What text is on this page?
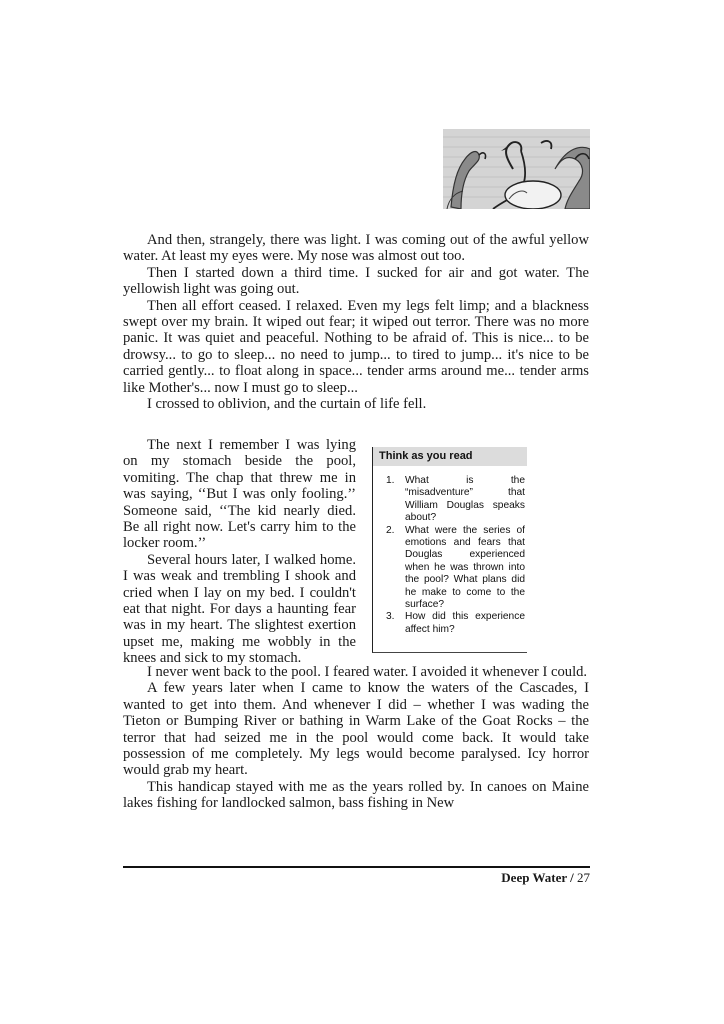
And then, strangely, there was light. I was coming out of the awful yellow water. At least my eyes were. My nose was almost out too.

Then I started down a third time. I sucked for air and got water. The yellowish light was going out.

Then all effort ceased. I relaxed. Even my legs felt limp; and a blackness swept over my brain. It wiped out fear; it wiped out terror. There was no more panic. It was quiet and peaceful. Nothing to be afraid of. This is nice... to be drowsy... to go to sleep... no need to jump... to tired to jump... it's nice to be carried gently... to float along in space... tender arms around me... tender arms like Mother's... now I must go to sleep...

I crossed to oblivion, and the curtain of life fell.

The next I remember I was lying on my stomach beside the pool, vomiting. The chap that threw me in was saying, ‘‘But I was only fooling.’’ Someone said, ‘‘The kid nearly died. Be all right now. Let's carry him to the locker room.’’

Several hours later, I walked home. I was weak and trembling I shook and cried when I lay on my bed. I couldn't eat that night. For days a haunting fear was in my heart. The slightest exertion upset me, making me wobbly in the knees and sick to my stomach.

Think as you read
1. What is the “misadventure” that William Douglas speaks about?
2. What were the series of emotions and fears that Douglas experienced when he was thrown into the pool? What plans did he make to come to the surface?
3. How did this experience affect him?

I never went back to the pool. I feared water. I avoided it whenever I could.

A few years later when I came to know the waters of the Cascades, I wanted to get into them. And whenever I did – whether I was wading the Tieton or Bumping River or bathing in Warm Lake of the Goat Rocks – the terror that had seized me in the pool would come back. It would take possession of me completely. My legs would become paralysed. Icy horror would grab my heart.

This handicap stayed with me as the years rolled by. In canoes on Maine lakes fishing for landlocked salmon, bass fishing in New

Deep Water / 27
